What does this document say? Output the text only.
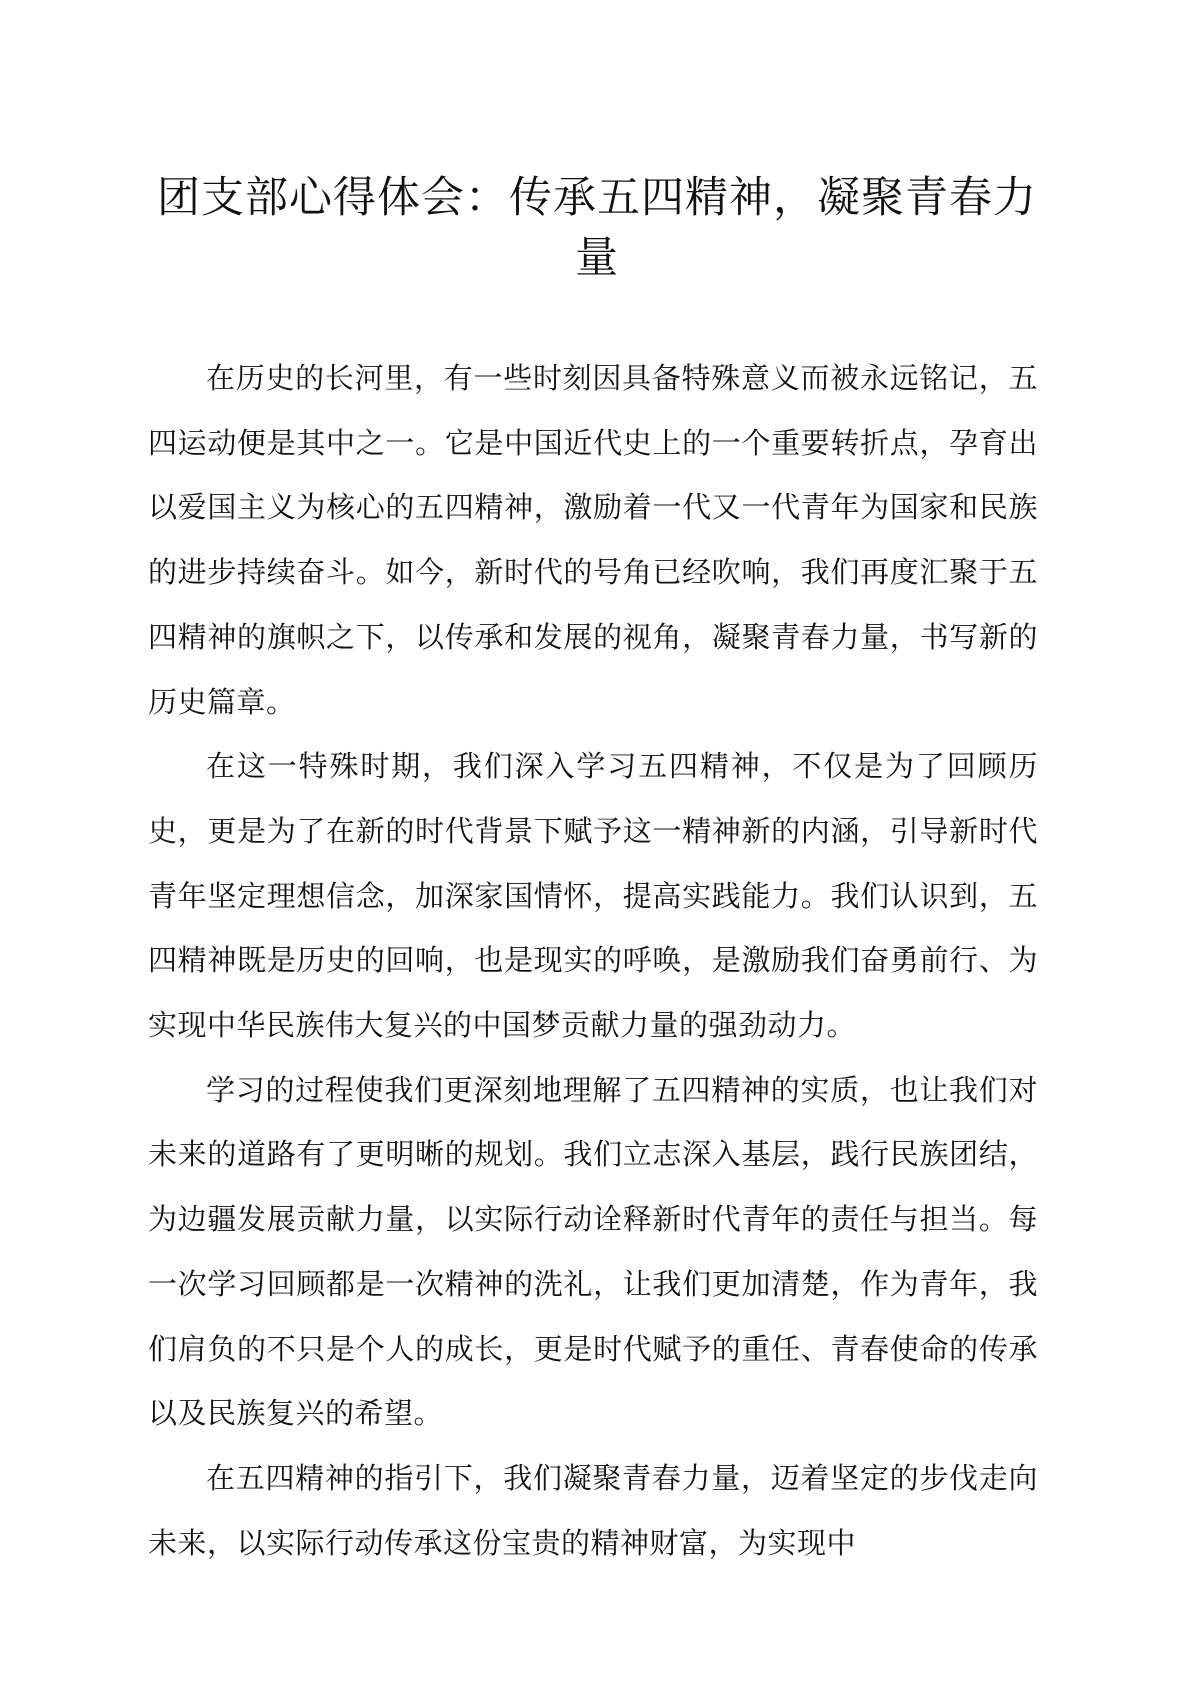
团支部心得体会：传承五四精神，凝聚青春力量

在历史的长河里，有一些时刻因具备特殊意义而被永远铭记，五四运动便是其中之一。它是中国近代史上的一个重要转折点，孕育出以爱国主义为核心的五四精神，激励着一代又一代青年为国家和民族的进步持续奋斗。如今，新时代的号角已经吹响，我们再度汇聚于五四精神的旗帜之下，以传承和发展的视角，凝聚青春力量，书写新的历史篇章。

在这一特殊时期，我们深入学习五四精神，不仅是为了回顾历史，更是为了在新的时代背景下赋予这一精神新的内涵，引导新时代青年坚定理想信念，加深家国情怀，提高实践能力。我们认识到，五四精神既是历史的回响，也是现实的呼唤，是激励我们奋勇前行、为实现中华民族伟大复兴的中国梦贡献力量的强劲动力。

学习的过程使我们更深刻地理解了五四精神的实质，也让我们对未来的道路有了更明晰的规划。我们立志深入基层，践行民族团结，为边疆发展贡献力量，以实际行动诠释新时代青年的责任与担当。每一次学习回顾都是一次精神的洗礼，让我们更加清楚，作为青年，我们肩负的不只是个人的成长，更是时代赋予的重任、青春使命的传承以及民族复兴的希望。

在五四精神的指引下，我们凝聚青春力量，迈着坚定的步伐走向未来，以实际行动传承这份宝贵的精神财富，为实现中
